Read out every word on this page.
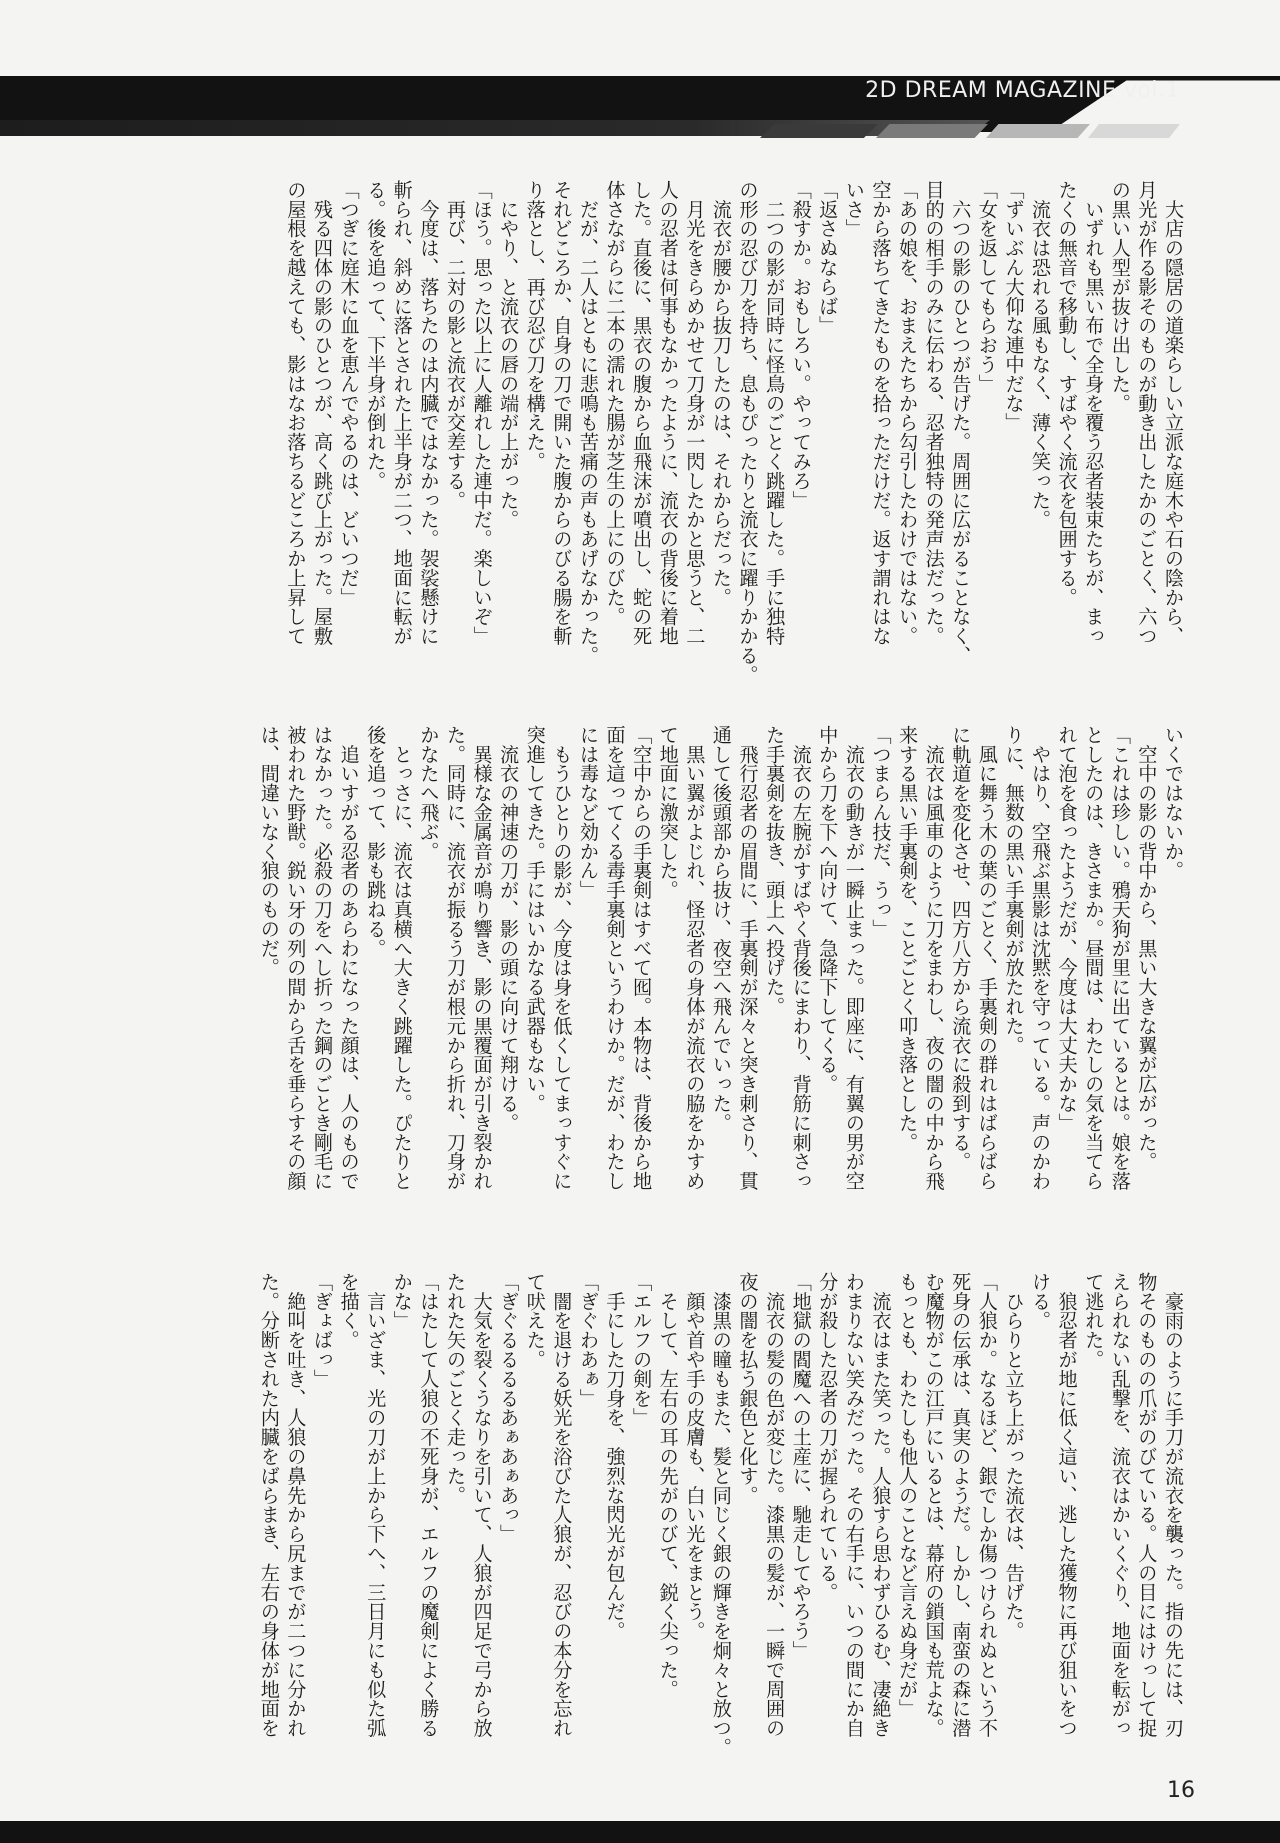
2D DREAM MAGAZINE vol.1
　大店の隠居の道楽らしい立派な庭木や石の陰から、
月光が作る影そのものが動き出したかのごとく、六つ
の黒い人型が抜け出した。
　いずれも黒い布で全身を覆う忍者装束たちが、まっ
たくの無音で移動し、すばやく流衣を包囲する。
　流衣は恐れる風もなく、薄く笑った。
「ずいぶん大仰な連中だな」
「女を返してもらおう」
　六つの影のひとつが告げた。周囲に広がることなく、
目的の相手のみに伝わる、忍者独特の発声法だった。
「あの娘を、おまえたちから勾引したわけではない。
空から落ちてきたものを拾っただけだ。返す謂れはな
いさ」
「返さぬならば」
「殺すか。おもしろい。やってみろ」
　二つの影が同時に怪鳥のごとく跳躍した。手に独特
の形の忍び刀を持ち、息もぴったりと流衣に躍りかかる。
　流衣が腰から抜刀したのは、それからだった。
　月光をきらめかせて刀身が一閃したかと思うと、二
人の忍者は何事もなかったように、流衣の背後に着地
した。直後に、黒衣の腹から血飛沫が噴出し、蛇の死
体さながらに二本の濡れた腸が芝生の上にのびた。
　だが、二人はともに悲鳴も苦痛の声もあげなかった。
それどころか、自身の刀で開いた腹からのびる腸を斬
り落とし、再び忍び刀を構えた。
　にやり、と流衣の唇の端が上がった。
「ほう。思った以上に人離れした連中だ。楽しいぞ」
　再び、二対の影と流衣が交差する。
　今度は、落ちたのは内臓ではなかった。袈裟懸けに
斬られ、斜めに落とされた上半身が二つ、地面に転が
る。後を追って、下半身が倒れた。
「つぎに庭木に血を恵んでやるのは、どいつだ」
　残る四体の影のひとつが、高く跳び上がった。屋敷
の屋根を越えても、影はなお落ちるどころか上昇して
いくではないか。
　空中の影の背中から、黒い大きな翼が広がった。
「これは珍しい。鴉天狗が里に出ているとは。娘を落
としたのは、きさまか。昼間は、わたしの気を当てら
れて泡を食ったようだが、今度は大丈夫かな」
　やはり、空飛ぶ黒影は沈黙を守っている。声のかわ
りに、無数の黒い手裏剣が放たれた。
　風に舞う木の葉のごとく、手裏剣の群れはばらばら
に軌道を変化させ、四方八方から流衣に殺到する。
　流衣は風車のように刀をまわし、夜の闇の中から飛
来する黒い手裏剣を、ことごとく叩き落とした。
「つまらん技だ、うっ」
　流衣の動きが一瞬止まった。即座に、有翼の男が空
中から刀を下へ向けて、急降下してくる。
　流衣の左腕がすばやく背後にまわり、背筋に刺さっ
た手裏剣を抜き、頭上へ投げた。
　飛行忍者の眉間に、手裏剣が深々と突き刺さり、貫
通して後頭部から抜け、夜空へ飛んでいった。
　黒い翼がよじれ、怪忍者の身体が流衣の脇をかすめ
て地面に激突した。
「空中からの手裏剣はすべて囮。本物は、背後から地
面を這ってくる毒手裏剣というわけか。だが、わたし
には毒など効かん」
　もうひとりの影が、今度は身を低くしてまっすぐに
突進してきた。手にはいかなる武器もない。
　流衣の神速の刀が、影の頭に向けて翔ける。
　異様な金属音が鳴り響き、影の黒覆面が引き裂かれ
た。同時に、流衣が振るう刀が根元から折れ、刀身が
かなたへ飛ぶ。
　とっさに、流衣は真横へ大きく跳躍した。ぴたりと
後を追って、影も跳ねる。
　追いすがる忍者のあらわになった顔は、人のもので
はなかった。必殺の刀をへし折った鋼のごとき剛毛に
被われた野獣。鋭い牙の列の間から舌を垂らすその顔
は、間違いなく狼のものだ。
　豪雨のように手刀が流衣を襲った。指の先には、刃
物そのものの爪がのびている。人の目にはけっして捉
えられない乱撃を、流衣はかいくぐり、地面を転がっ
て逃れた。
　狼忍者が地に低く這い、逃した獲物に再び狙いをつ
ける。
　ひらりと立ち上がった流衣は、告げた。
「人狼か。なるほど、銀でしか傷つけられぬという不
死身の伝承は、真実のようだ。しかし、南蛮の森に潜
む魔物がこの江戸にいるとは、幕府の鎖国も荒よな。
もっとも、わたしも他人のことなど言えぬ身だが」
　流衣はまた笑った。人狼すら思わずひるむ、凄絶き
わまりない笑みだった。その右手に、いつの間にか自
分が殺した忍者の刀が握られている。
「地獄の閻魔への土産に、馳走してやろう」
　流衣の髪の色が変じた。漆黒の髪が、一瞬で周囲の
夜の闇を払う銀色と化す。
　漆黒の瞳もまた、髪と同じく銀の輝きを炯々と放つ。
　顔や首や手の皮膚も、白い光をまとう。
　そして、左右の耳の先がのびて、鋭く尖った。
「エルフの剣を」
　手にした刀身を、強烈な閃光が包んだ。
「ぎぐわあぁ」
　闇を退ける妖光を浴びた人狼が、忍びの本分を忘れ
て吠えた。
「ぎぐるるるるあぁあぁあっ」
　大気を裂くうなりを引いて、人狼が四足で弓から放
たれた矢のごとく走った。
「はたして人狼の不死身が、エルフの魔剣によく勝る
かな」
　言いざま、光の刀が上から下へ、三日月にも似た弧
を描く。
「ぎょばっ」
　絶叫を吐き、人狼の鼻先から尻までが二つに分かれ
た。分断された内臓をばらまき、左右の身体が地面を
16
